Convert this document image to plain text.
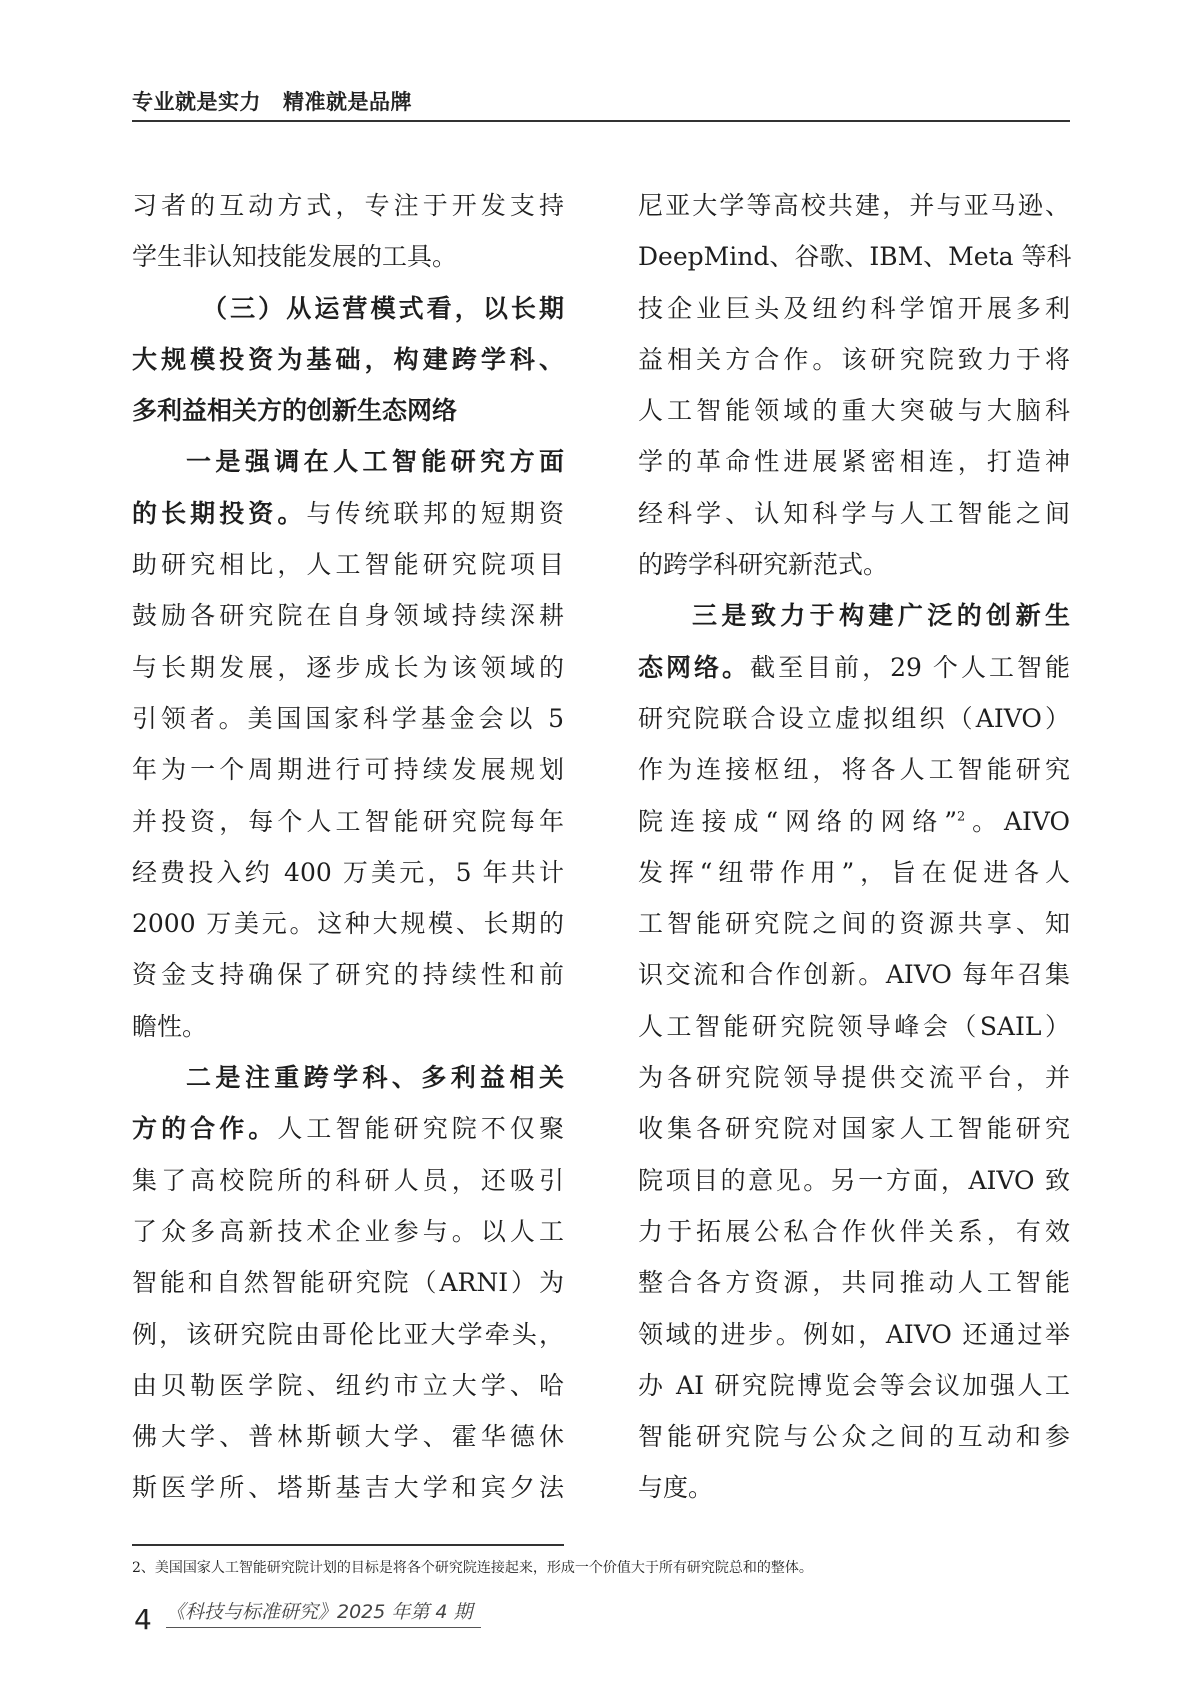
专业就是实力 精准就是品牌
习者的互动方式，专注于开发支持
学生非认知技能发展的工具。
（三）从运营模式看，以长期
大规模投资为基础，构建跨学科、
多利益相关方的创新生态网络
一是强调在人工智能研究方面
的长期投资。与传统联邦的短期资
助研究相比，人工智能研究院项目
鼓励各研究院在自身领域持续深耕
与长期发展，逐步成长为该领域的
引领者。美国国家科学基金会以 5
年为一个周期进行可持续发展规划
并投资，每个人工智能研究院每年
经费投入约 400 万美元，5 年共计
2000 万美元。这种大规模、长期的
资金支持确保了研究的持续性和前
瞻性。
二是注重跨学科、多利益相关
方的合作。人工智能研究院不仅聚
集了高校院所的科研人员，还吸引
了众多高新技术企业参与。以人工
智能和自然智能研究院（ARNI）为
例，该研究院由哥伦比亚大学牵头，
由贝勒医学院、纽约市立大学、哈
佛大学、普林斯顿大学、霍华德休
斯医学所、塔斯基吉大学和宾夕法
尼亚大学等高校共建，并与亚马逊、
DeepMind、谷歌、IBM、Meta 等科
技企业巨头及纽约科学馆开展多利
益相关方合作。该研究院致力于将
人工智能领域的重大突破与大脑科
学的革命性进展紧密相连，打造神
经科学、认知科学与人工智能之间
的跨学科研究新范式。
三是致力于构建广泛的创新生
态网络。截至目前，29 个人工智能
研究院联合设立虚拟组织（AIVO）
作为连接枢纽，将各人工智能研究
院连接成“网络的网络”$^2$。AIVO
发挥“纽带作用”，旨在促进各人
工智能研究院之间的资源共享、知
识交流和合作创新。AIVO 每年召集
人工智能研究院领导峰会（SAIL）
为各研究院领导提供交流平台，并
收集各研究院对国家人工智能研究
院项目的意见。另一方面，AIVO 致
力于拓展公私合作伙伴关系，有效
整合各方资源，共同推动人工智能
领域的进步。例如，AIVO 还通过举
办 AI 研究院博览会等会议加强人工
智能研究院与公众之间的互动和参
与度。
2、美国国家人工智能研究院计划的目标是将各个研究院连接起来，形成一个价值大于所有研究院总和的整体。
4 《科技与标准研究》2025 年第 4 期
